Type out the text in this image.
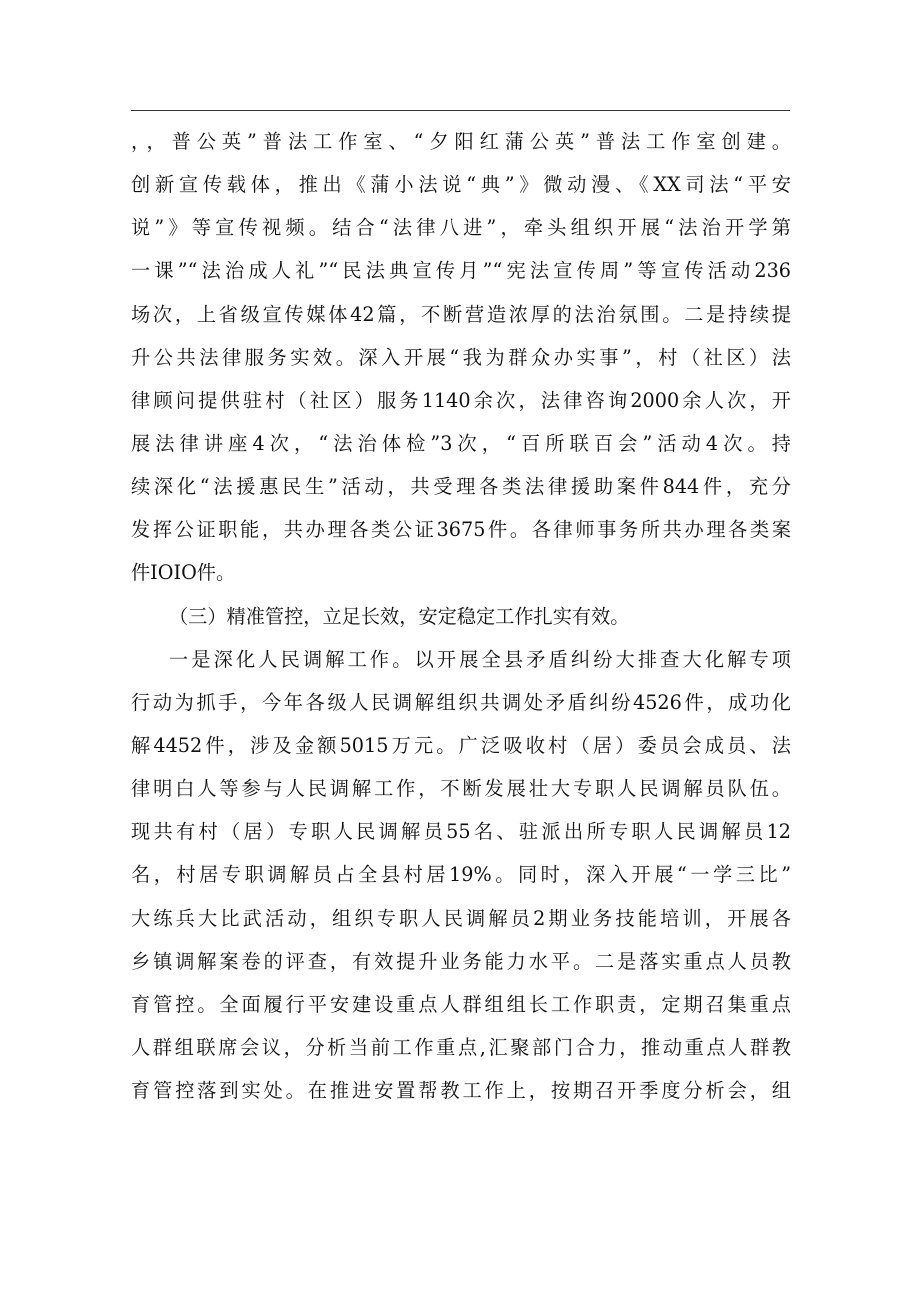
，，普公英”普法工作室、“夕阳红蒲公英”普法工作室创建。
创新宣传载体，推出《蒲小法说“典”》微动漫、《XX司法“平安
说”》等宣传视频。结合“法律八进”，牵头组织开展“法治开学第
一课”“法治成人礼”“民法典宣传月”“宪法宣传周”等宣传活动236
场次，上省级宣传媒体42篇，不断营造浓厚的法治氛围。二是持续提
升公共法律服务实效。深入开展“我为群众办实事”，村（社区）法
律顾问提供驻村（社区）服务1140余次，法律咨询2000余人次，开
展法律讲座4次，“法治体检”3次，“百所联百会”活动4次。持
续深化“法援惠民生”活动，共受理各类法律援助案件844件，充分
发挥公证职能，共办理各类公证3675件。各律师事务所共办理各类案
件IOIO件。
（三）精准管控，立足长效，安定稳定工作扎实有效。
一是深化人民调解工作。以开展全县矛盾纠纷大排查大化解专项
行动为抓手，今年各级人民调解组织共调处矛盾纠纷4526件，成功化
解4452件，涉及金额5015万元。广泛吸收村（居）委员会成员、法
律明白人等参与人民调解工作，不断发展壮大专职人民调解员队伍。
现共有村（居）专职人民调解员55名、驻派出所专职人民调解员12
名，村居专职调解员占全县村居19%。同时，深入开展“一学三比”
大练兵大比武活动，组织专职人民调解员2期业务技能培训，开展各
乡镇调解案卷的评查，有效提升业务能力水平。二是落实重点人员教
育管控。全面履行平安建设重点人群组组长工作职责，定期召集重点
人群组联席会议，分析当前工作重点,汇聚部门合力，推动重点人群教
育管控落到实处。在推进安置帮教工作上，按期召开季度分析会，组
